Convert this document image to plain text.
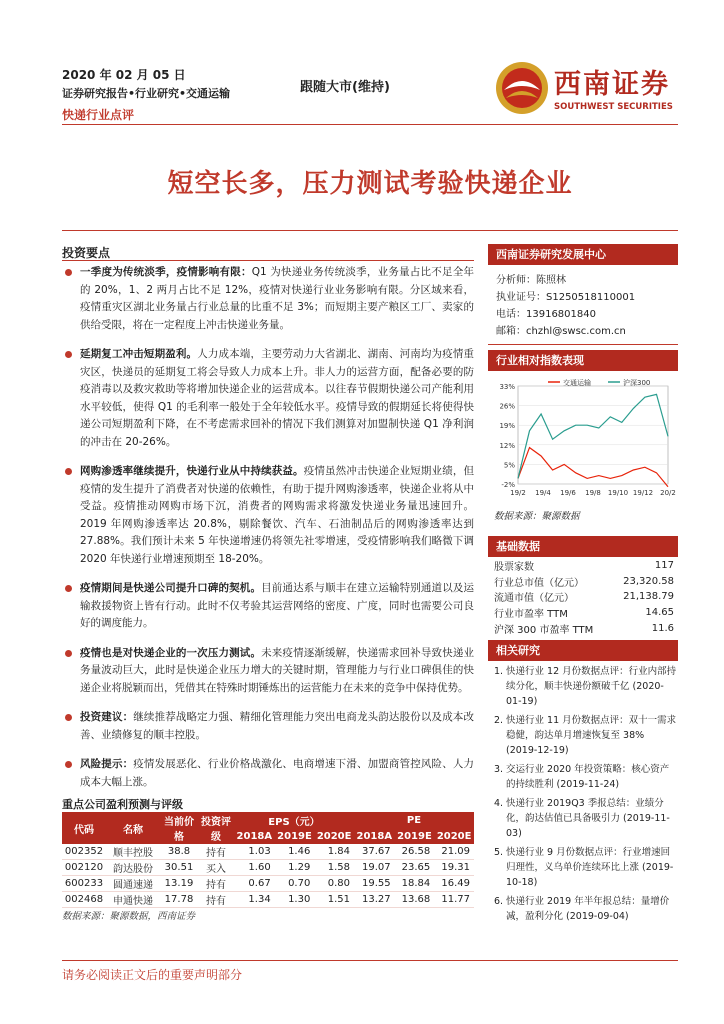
2020 年 02 月 05 日
证券研究报告•行业研究•交通运输
快递行业点评
跟随大市(维持)	西南证券
SOUTHWEST SECURITIES
短空长多，压力测试考验快递企业
投资要点
一季度为传统淡季，疫情影响有限：Q1 为快递业务传统淡季，业务量占比不足全年的 20%，1、2 两月占比不足 12%，疫情对快递行业业务影响有限。分区域来看，疫情重灾区湖北业务量占行业总量的比重不足 3%；而短期主要产粮区工厂、卖家的供给受限，将在一定程度上冲击快递业务量。
延期复工冲击短期盈利。人力成本端，主要劳动力大省湖北、湖南、河南均为疫情重灾区，快递员的延期复工将会导致人力成本上升。非人力的运营方面，配备必要的防疫消毒以及救灾救助等将增加快递企业的运营成本。以往春节假期快递公司产能利用水平较低，使得 Q1 的毛利率一般处于全年较低水平。疫情导致的假期延长将使得快递公司短期盈利下降，在不考虑需求回补的情况下我们测算对加盟制快递 Q1 净利润的冲击在 20-26%。
网购渗透率继续提升，快递行业从中持续获益。疫情虽然冲击快递企业短期业绩，但疫情的发生提升了消费者对快递的依赖性，有助于提升网购渗透率，快递企业将从中受益。疫情推动网购市场下沉，消费者的网购需求将激发快递业务量迅速回升。2019 年网购渗透率达 20.8%，剔除餐饮、汽车、石油制品后的网购渗透率达到 27.88%。我们预计未来 5 年快递增速仍将领先社零增速，受疫情影响我们略微下调 2020 年快递行业增速预期至 18-20%。
疫情期间是快递公司提升口碑的契机。目前通达系与顺丰在建立运输特别通道以及运输救援物资上皆有行动。此时不仅考验其运营网络的密度、广度，同时也需要公司良好的调度能力。
疫情也是对快递企业的一次压力测试。未来疫情逐渐缓解，快递需求回补导致快递业务量波动巨大，此时是快递企业压力增大的关键时期，管理能力与行业口碑俱佳的快递企业将脱颖而出，凭借其在特殊时期锤炼出的运营能力在未来的竞争中保持优势。
投资建议：继续推荐战略定力强、精细化管理能力突出电商龙头韵达股份以及成本改善、业绩修复的顺丰控股。
风险提示：疫情发展恶化、行业价格战激化、电商增速下滑、加盟商管控风险、人力成本大幅上涨。
重点公司盈利预测与评级
代码	名称	当前价格	投资评级	EPS（元）			PE		
				2018A	2019E	2020E	2018A	2019E	2020E
002352	顺丰控股	38.8	持有	1.03	1.46	1.84	37.67	26.58	21.09
002120	韵达股份	30.51	买入	1.60	1.29	1.58	19.07	23.65	19.31
600233	圆通速递	13.19	持有	0.67	0.70	0.80	19.55	18.84	16.49
002468	申通快递	17.78	持有	1.34	1.30	1.51	13.27	13.68	11.77
数据来源：聚源数据，西南证券
西南证券研究发展中心
分析师：陈照林
执业证号：S1250518110001
电话：13916801840
邮箱：chzhl@swsc.com.cn
行业相对指数表现
33%
26%
19%
12%
5%
-2%
19/2 19/4 19/6 19/8 19/10 19/12 20/2
交通运输	沪深300
数据来源：聚源数据
基础数据
股票家数	117
行业总市值（亿元）	23,320.58
流通市值（亿元）	21,138.79
行业市盈率 TTM	14.65
沪深 300 市盈率 TTM	11.6
相关研究
1. 快递行业 12 月份数据点评：行业内部持续分化，顺丰快递份额破千亿 (2020-01-19)
2. 快递行业 11 月份数据点评：双十一需求稳健，韵达单月增速恢复至 38% (2019-12-19)
3. 交运行业 2020 年投资策略：核心资产的持续胜利 (2019-11-24)
4. 快递行业 2019Q3 季报总结：业绩分化，韵达估值已具备吸引力 (2019-11-03)
5. 快递行业 9 月份数据点评：行业增速回归理性，义乌单价连续环比上涨 (2019-10-18)
6. 快递行业 2019 年半年报总结：量增价减，盈利分化 (2019-09-04)
请务必阅读正文后的重要声明部分
